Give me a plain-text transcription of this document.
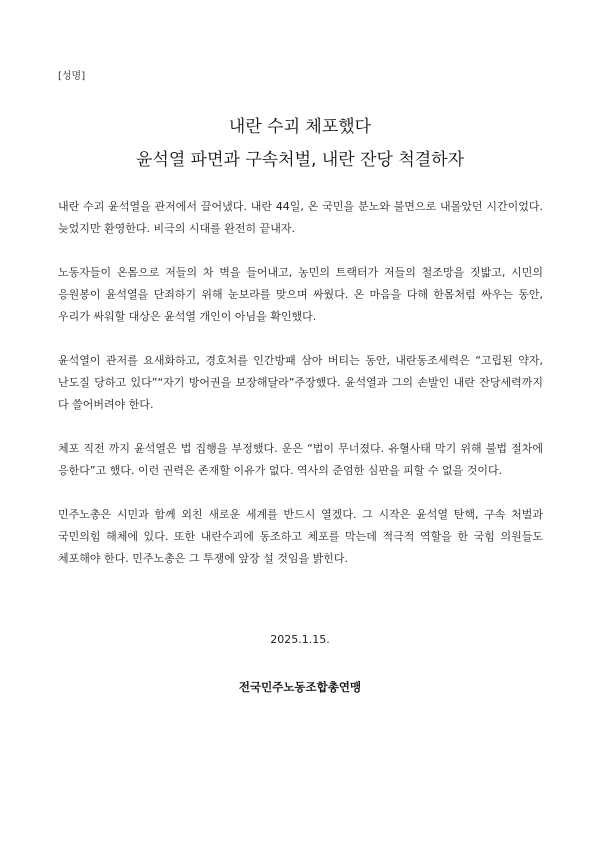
[성명]
내란 수괴 체포했다
윤석열 파면과 구속처벌, 내란 잔당 척결하자

내란 수괴 윤석열을 관저에서 끌어냈다. 내란 44일, 온 국민을 분노와 불면으로 내몰았던 시간이었다. 늦었지만 환영한다. 비극의 시대를 완전히 끝내자.

노동자들이 온몸으로 저들의 차 벽을 들어내고, 농민의 트랙터가 저들의 철조망을 짓밟고, 시민의 응원봉이 윤석열을 단죄하기 위해 눈보라를 맞으며 싸웠다. 온 마음을 다해 한몸처럼 싸우는 동안, 우리가 싸워할 대상은 윤석열 개인이 아님을 확인했다.

윤석열이 관저를 요새화하고, 경호처를 인간방패 삼아 버티는 동안, 내란동조세력은 “고립된 약자, 난도질 당하고 있다”“자기 방어권을 보장해달라”주장했다. 윤석열과 그의 손발인 내란 잔당세력까지 다 쓸어버려야 한다.

체포 직전 까지 윤석열은 법 집행을 부정했다. 운은 “법이 무너졌다. 유혈사태 막기 위해 불법 절차에 응한다”고 했다. 이런 권력은 존재할 이유가 없다. 역사의 준엄한 심판을 피할 수 없을 것이다.

민주노총은 시민과 함께 외친 새로운 세계를 반드시 열겠다. 그 시작은 윤석열 탄핵, 구속 처벌과 국민의힘 해체에 있다. 또한 내란수괴에 동조하고 체포를 막는데 적극적 역할을 한 국힘 의원들도 체포해야 한다. 민주노총은 그 투쟁에 앞장 설 것임을 밝힌다.

2025.1.15.
전국민주노동조합총연맹
